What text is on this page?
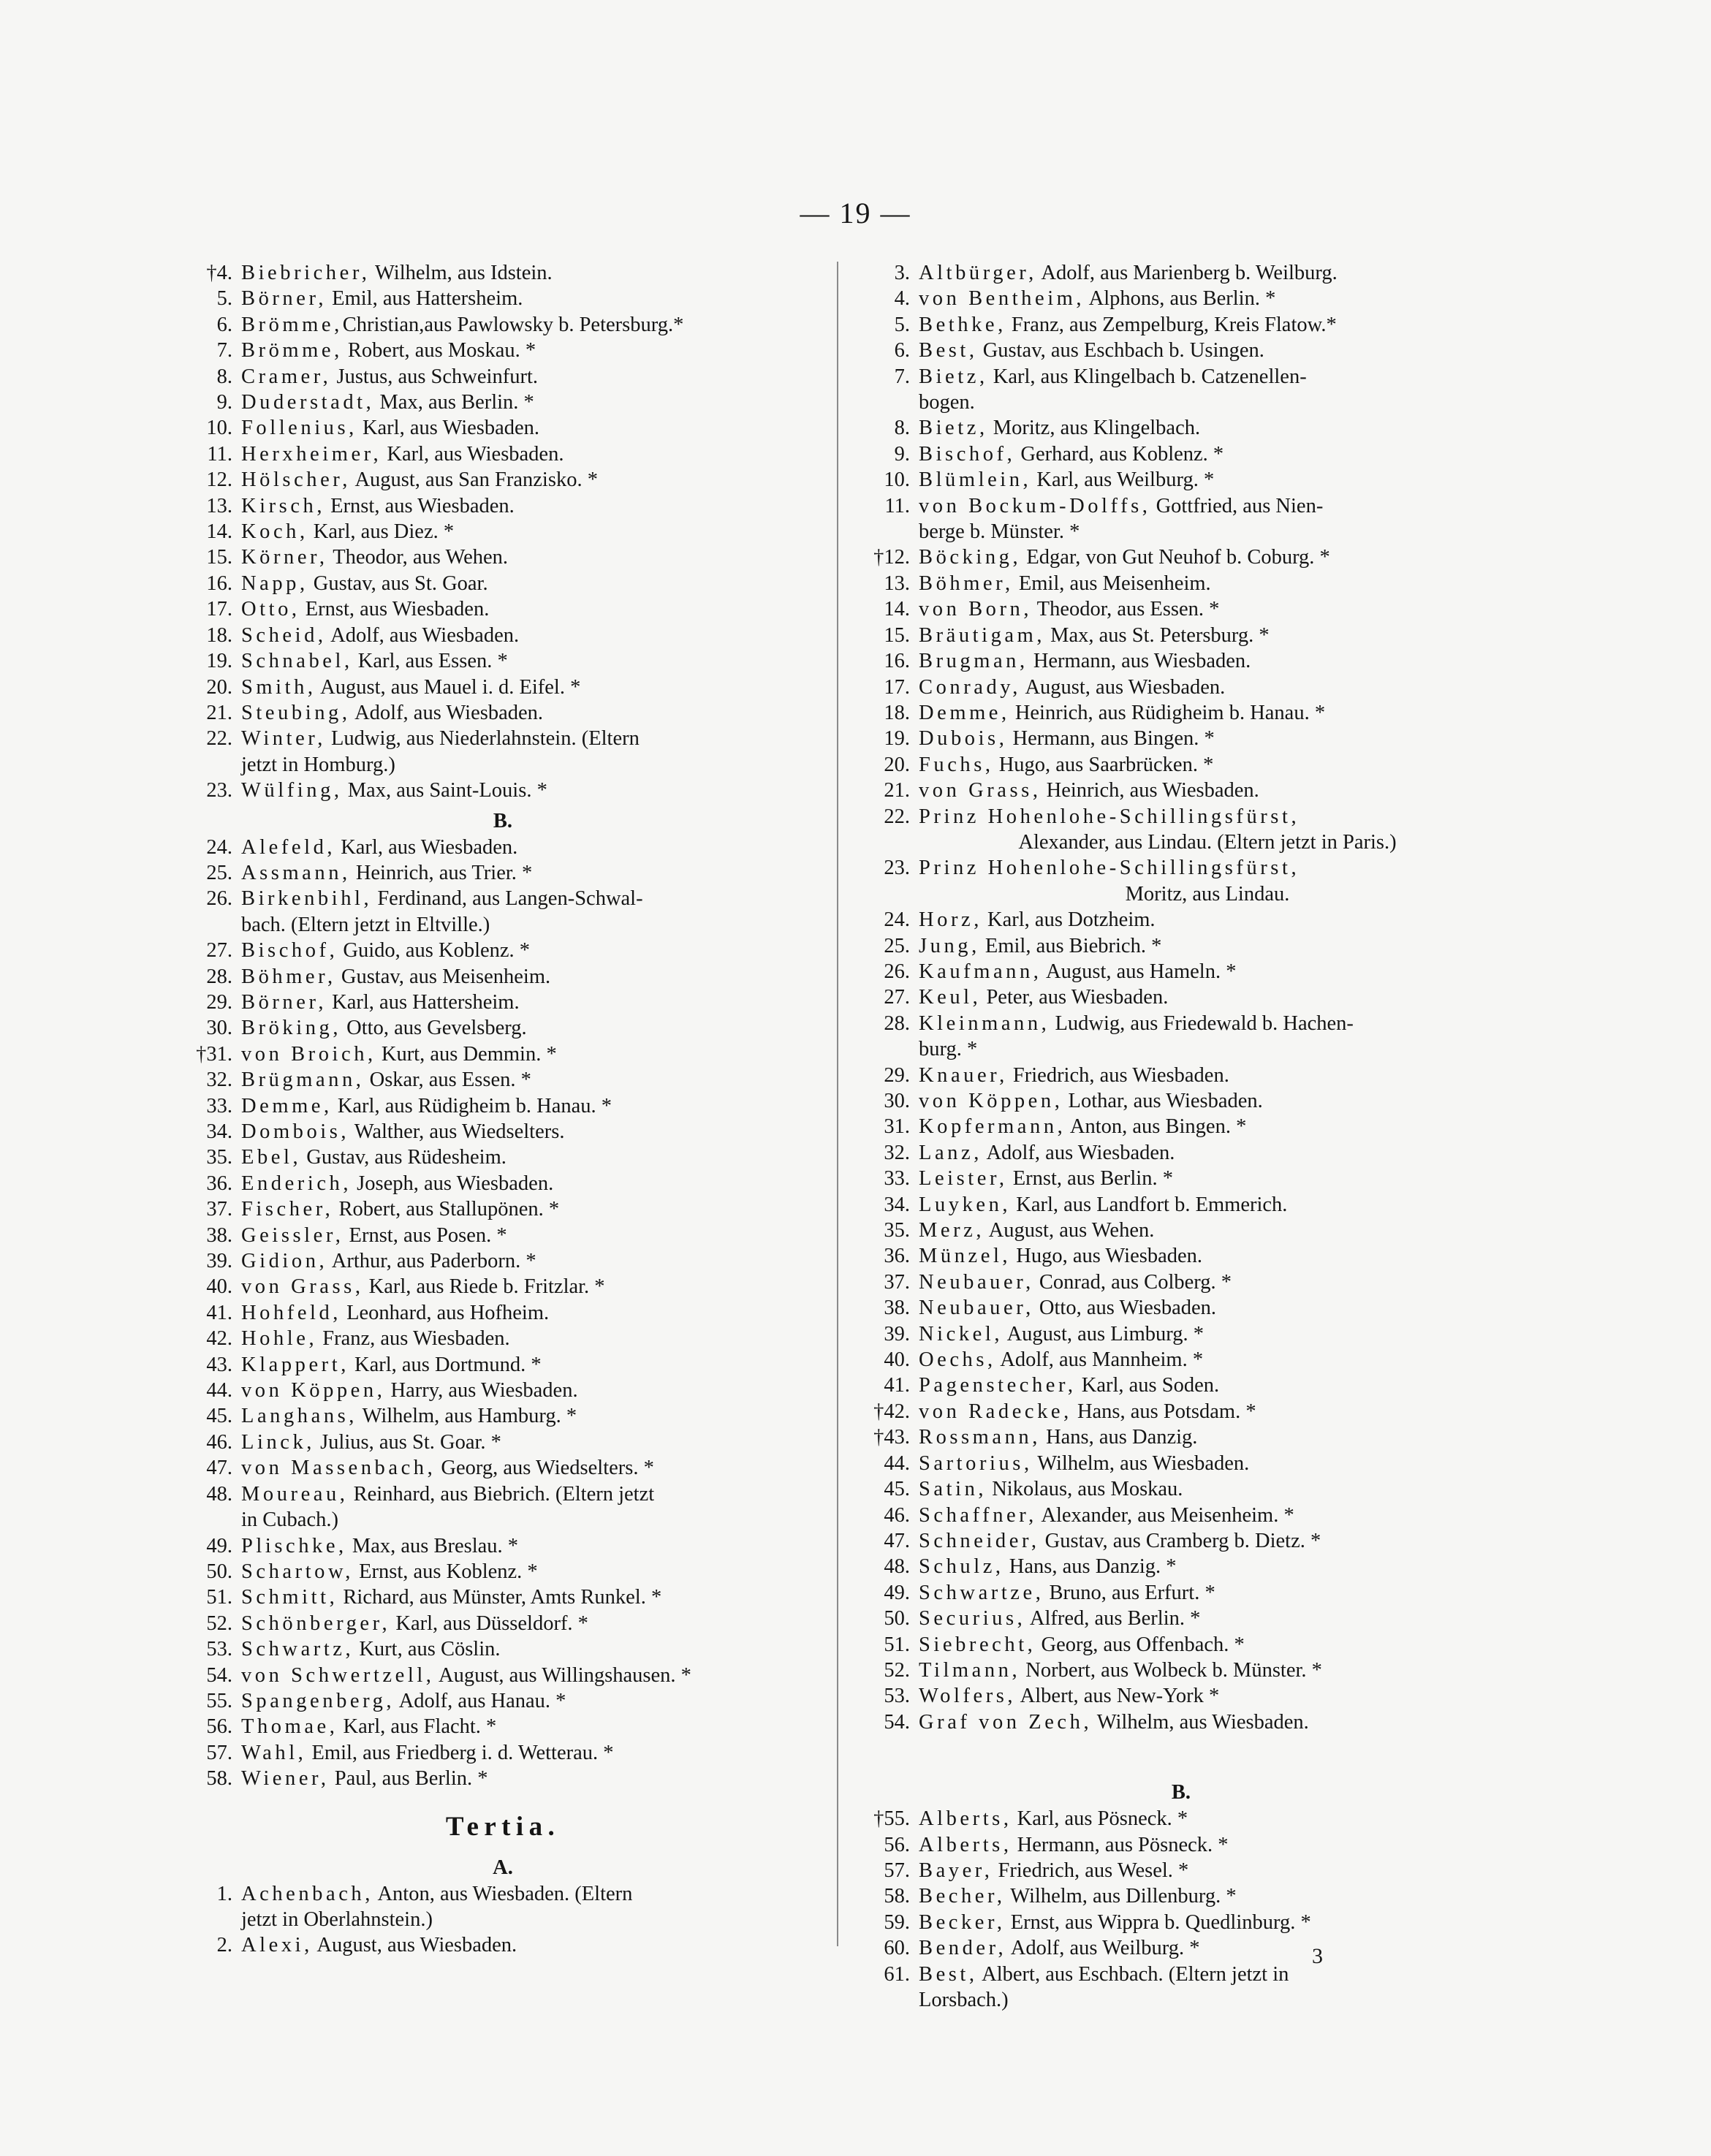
— 19 —
†4. Biebricher, Wilhelm, aus Idstein.
5. Börner, Emil, aus Hattersheim.
6. Brömme,Christian,aus Pawlowsky b. Petersburg.*
7. Brömme, Robert, aus Moskau. *
8. Cramer, Justus, aus Schweinfurt.
9. Duderstadt, Max, aus Berlin. *
10. Follenius, Karl, aus Wiesbaden.
11. Herxheimer, Karl, aus Wiesbaden.
12. Hölscher, August, aus San Franzisko. *
13. Kirsch, Ernst, aus Wiesbaden.
14. Koch, Karl, aus Diez. *
15. Körner, Theodor, aus Wehen.
16. Napp, Gustav, aus St. Goar.
17. Otto, Ernst, aus Wiesbaden.
18. Scheid, Adolf, aus Wiesbaden.
19. Schnabel, Karl, aus Essen. *
20. Smith, August, aus Mauel i. d. Eifel. *
21. Steubing, Adolf, aus Wiesbaden.
22. Winter, Ludwig, aus Niederlahnstein. (Eltern
jetzt in Homburg.)
23. Wülfing, Max, aus Saint-Louis. *
B.
24. Alefeld, Karl, aus Wiesbaden.
25. Assmann, Heinrich, aus Trier. *
26. Birkenbihl, Ferdinand, aus Langen-Schwal-
bach. (Eltern jetzt in Eltville.)
27. Bischof, Guido, aus Koblenz. *
28. Böhmer, Gustav, aus Meisenheim.
29. Börner, Karl, aus Hattersheim.
30. Bröking, Otto, aus Gevelsberg.
†31. von Broich, Kurt, aus Demmin. *
32. Brügmann, Oskar, aus Essen. *
33. Demme, Karl, aus Rüdigheim b. Hanau. *
34. Dombois, Walther, aus Wiedselters.
35. Ebel, Gustav, aus Rüdesheim.
36. Enderich, Joseph, aus Wiesbaden.
37. Fischer, Robert, aus Stallupönen. *
38. Geissler, Ernst, aus Posen. *
39. Gidion, Arthur, aus Paderborn. *
40. von Grass, Karl, aus Riede b. Fritzlar. *
41. Hohfeld, Leonhard, aus Hofheim.
42. Hohle, Franz, aus Wiesbaden.
43. Klappert, Karl, aus Dortmund. *
44. von Köppen, Harry, aus Wiesbaden.
45. Langhans, Wilhelm, aus Hamburg. *
46. Linck, Julius, aus St. Goar. *
47. von Massenbach, Georg, aus Wiedselters. *
48. Moureau, Reinhard, aus Biebrich. (Eltern jetzt
in Cubach.)
49. Plischke, Max, aus Breslau. *
50. Schartow, Ernst, aus Koblenz. *
51. Schmitt, Richard, aus Münster, Amts Runkel. *
52. Schönberger, Karl, aus Düsseldorf. *
53. Schwartz, Kurt, aus Cöslin.
54. von Schwertzell, August, aus Willingshausen. *
55. Spangenberg, Adolf, aus Hanau. *
56. Thomae, Karl, aus Flacht. *
57. Wahl, Emil, aus Friedberg i. d. Wetterau. *
58. Wiener, Paul, aus Berlin. *
Tertia.
A.
1. Achenbach, Anton, aus Wiesbaden. (Eltern
jetzt in Oberlahnstein.)
2. Alexi, August, aus Wiesbaden.
3. Altbürger, Adolf, aus Marienberg b. Weilburg.
4. von Bentheim, Alphons, aus Berlin. *
5. Bethke, Franz, aus Zempelburg, Kreis Flatow.*
6. Best, Gustav, aus Eschbach b. Usingen.
7. Bietz, Karl, aus Klingelbach b. Catzenellen-
bogen.
8. Bietz, Moritz, aus Klingelbach.
9. Bischof, Gerhard, aus Koblenz. *
10. Blümlein, Karl, aus Weilburg. *
11. von Bockum-Dolffs, Gottfried, aus Nien-
berge b. Münster. *
†12. Böcking, Edgar, von Gut Neuhof b. Coburg. *
13. Böhmer, Emil, aus Meisenheim.
14. von Born, Theodor, aus Essen. *
15. Bräutigam, Max, aus St. Petersburg. *
16. Brugman, Hermann, aus Wiesbaden.
17. Conrady, August, aus Wiesbaden.
18. Demme, Heinrich, aus Rüdigheim b. Hanau. *
19. Dubois, Hermann, aus Bingen. *
20. Fuchs, Hugo, aus Saarbrücken. *
21. von Grass, Heinrich, aus Wiesbaden.
22. Prinz Hohenlohe-Schillingsfürst,
Alexander, aus Lindau. (Eltern jetzt in Paris.)
23. Prinz Hohenlohe-Schillingsfürst,
Moritz, aus Lindau.
24. Horz, Karl, aus Dotzheim.
25. Jung, Emil, aus Biebrich. *
26. Kaufmann, August, aus Hameln. *
27. Keul, Peter, aus Wiesbaden.
28. Kleinmann, Ludwig, aus Friedewald b. Hachen-
burg. *
29. Knauer, Friedrich, aus Wiesbaden.
30. von Köppen, Lothar, aus Wiesbaden.
31. Kopfermann, Anton, aus Bingen. *
32. Lanz, Adolf, aus Wiesbaden.
33. Leister, Ernst, aus Berlin. *
34. Luyken, Karl, aus Landfort b. Emmerich.
35. Merz, August, aus Wehen.
36. Münzel, Hugo, aus Wiesbaden.
37. Neubauer, Conrad, aus Colberg. *
38. Neubauer, Otto, aus Wiesbaden.
39. Nickel, August, aus Limburg. *
40. Oechs, Adolf, aus Mannheim. *
41. Pagenstecher, Karl, aus Soden.
†42. von Radecke, Hans, aus Potsdam. *
†43. Rossmann, Hans, aus Danzig.
44. Sartorius, Wilhelm, aus Wiesbaden.
45. Satin, Nikolaus, aus Moskau.
46. Schaffner, Alexander, aus Meisenheim. *
47. Schneider, Gustav, aus Cramberg b. Dietz. *
48. Schulz, Hans, aus Danzig. *
49. Schwartze, Bruno, aus Erfurt. *
50. Securius, Alfred, aus Berlin. *
51. Siebrecht, Georg, aus Offenbach. *
52. Tilmann, Norbert, aus Wolbeck b. Münster. *
53. Wolfers, Albert, aus New-York *
54. Graf von Zech, Wilhelm, aus Wiesbaden.
B.
†55. Alberts, Karl, aus Pösneck. *
56. Alberts, Hermann, aus Pösneck. *
57. Bayer, Friedrich, aus Wesel. *
58. Becher, Wilhelm, aus Dillenburg. *
59. Becker, Ernst, aus Wippra b. Quedlinburg. *
60. Bender, Adolf, aus Weilburg. *
61. Best, Albert, aus Eschbach. (Eltern jetzt in
Lorsbach.)
3
